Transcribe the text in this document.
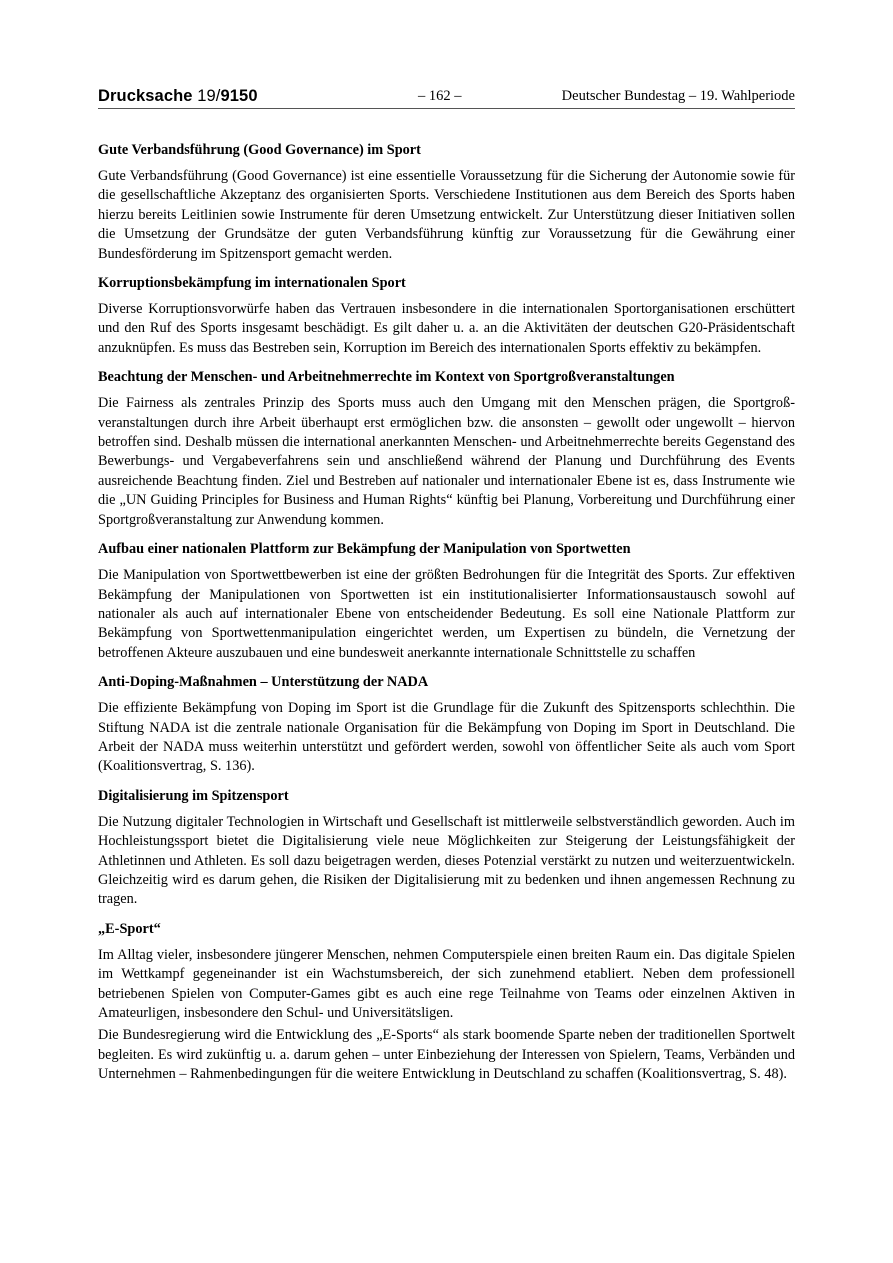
Drucksache 19/9150	– 162 –	Deutscher Bundestag – 19. Wahlperiode
Gute Verbandsführung (Good Governance) im Sport

Gute Verbandsführung (Good Governance) ist eine essentielle Voraussetzung für die Sicherung der Autonomie sowie für die gesellschaftliche Akzeptanz des organisierten Sports. Verschiedene Institutionen aus dem Bereich des Sports haben hierzu bereits Leitlinien sowie Instrumente für deren Umsetzung entwickelt. Zur Unterstützung dieser Initiativen sollen die Umsetzung der Grundsätze der guten Verbandsführung künftig zur Voraussetzung für die Gewährung einer Bundesförderung im Spitzensport gemacht werden.

Korruptionsbekämpfung im internationalen Sport

Diverse Korruptionsvorwürfe haben das Vertrauen insbesondere in die internationalen Sportorganisationen erschüttert und den Ruf des Sports insgesamt beschädigt. Es gilt daher u. a. an die Aktivitäten der deutschen G20-Präsidentschaft anzuknüpfen. Es muss das Bestreben sein, Korruption im Bereich des internationalen Sports effektiv zu bekämpfen.

Beachtung der Menschen- und Arbeitnehmerrechte im Kontext von Sportgroßveranstaltungen

Die Fairness als zentrales Prinzip des Sports muss auch den Umgang mit den Menschen prägen, die Sportgroßveranstaltungen durch ihre Arbeit überhaupt erst ermöglichen bzw. die ansonsten – gewollt oder ungewollt – hiervon betroffen sind. Deshalb müssen die international anerkannten Menschen- und Arbeitnehmerrechte bereits Gegenstand des Bewerbungs- und Vergabeverfahrens sein und anschließend während der Planung und Durchführung des Events ausreichende Beachtung finden. Ziel und Bestreben auf nationaler und internationaler Ebene ist es, dass Instrumente wie die „UN Guiding Principles for Business and Human Rights“ künftig bei Planung, Vorbereitung und Durchführung einer Sportgroßveranstaltung zur Anwendung kommen.

Aufbau einer nationalen Plattform zur Bekämpfung der Manipulation von Sportwetten

Die Manipulation von Sportwettbewerben ist eine der größten Bedrohungen für die Integrität des Sports. Zur effektiven Bekämpfung der Manipulationen von Sportwetten ist ein institutionalisierter Informationsaustausch sowohl auf nationaler als auch auf internationaler Ebene von entscheidender Bedeutung. Es soll eine Nationale Plattform zur Bekämpfung von Sportwettenmanipulation eingerichtet werden, um Expertisen zu bündeln, die Vernetzung der betroffenen Akteure auszubauen und eine bundesweit anerkannte internationale Schnittstelle zu schaffen

Anti-Doping-Maßnahmen – Unterstützung der NADA

Die effiziente Bekämpfung von Doping im Sport ist die Grundlage für die Zukunft des Spitzensports schlechthin. Die Stiftung NADA ist die zentrale nationale Organisation für die Bekämpfung von Doping im Sport in Deutschland. Die Arbeit der NADA muss weiterhin unterstützt und gefördert werden, sowohl von öffentlicher Seite als auch vom Sport (Koalitionsvertrag, S. 136).

Digitalisierung im Spitzensport

Die Nutzung digitaler Technologien in Wirtschaft und Gesellschaft ist mittlerweile selbstverständlich geworden. Auch im Hochleistungssport bietet die Digitalisierung viele neue Möglichkeiten zur Steigerung der Leistungsfähigkeit der Athletinnen und Athleten. Es soll dazu beigetragen werden, dieses Potenzial verstärkt zu nutzen und weiterzuentwickeln. Gleichzeitig wird es darum gehen, die Risiken der Digitalisierung mit zu bedenken und ihnen angemessen Rechnung zu tragen.

„E-Sport“

Im Alltag vieler, insbesondere jüngerer Menschen, nehmen Computerspiele einen breiten Raum ein. Das digitale Spielen im Wettkampf gegeneinander ist ein Wachstumsbereich, der sich zunehmend etabliert. Neben dem professionell betriebenen Spielen von Computer-Games gibt es auch eine rege Teilnahme von Teams oder einzelnen Aktiven in Amateurligen, insbesondere den Schul- und Universitätsligen.

Die Bundesregierung wird die Entwicklung des „E-Sports“ als stark boomende Sparte neben der traditionellen Sportwelt begleiten. Es wird zukünftig u. a. darum gehen – unter Einbeziehung der Interessen von Spielern, Teams, Verbänden und Unternehmen – Rahmenbedingungen für die weitere Entwicklung in Deutschland zu schaffen (Koalitionsvertrag, S. 48).
